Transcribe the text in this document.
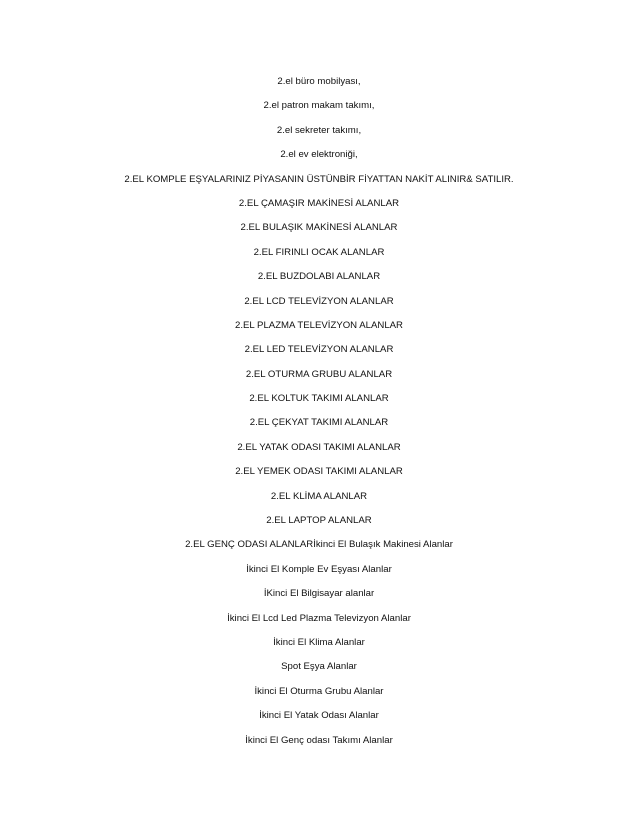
2.el büro mobilyası,
2.el patron makam takımı,
2.el sekreter takımı,
2.el ev elektroniği,
2.EL KOMPLE EŞYALARINIZ PİYASANIN ÜSTÜNBİR FİYATTAN NAKİT ALINIR& SATILIR.
2.EL ÇAMAŞIR MAKİNESİ ALANLAR
2.EL BULAŞIK MAKİNESİ ALANLAR
2.EL FIRINLI OCAK ALANLAR
2.EL BUZDOLABI ALANLAR
2.EL LCD TELEVİZYON ALANLAR
2.EL PLAZMA TELEVİZYON ALANLAR
2.EL LED TELEVİZYON ALANLAR
2.EL OTURMA GRUBU ALANLAR
2.EL KOLTUK TAKIMI ALANLAR
2.EL ÇEKYAT TAKIMI ALANLAR
2.EL YATAK ODASI TAKIMI ALANLAR
2.EL YEMEK ODASI TAKIMI ALANLAR
2.EL KLİMA ALANLAR
2.EL LAPTOP ALANLAR
2.EL GENÇ ODASI ALANLARİkinci El Bulaşık Makinesi Alanlar
İkinci El Komple Ev Eşyası Alanlar
İKinci El Bilgisayar alanlar
İkinci El Lcd Led Plazma Televizyon Alanlar
İkinci El Klima Alanlar
Spot Eşya Alanlar
İkinci El Oturma Grubu Alanlar
İkinci El Yatak Odası Alanlar
İkinci El Genç odası Takımı Alanlar
